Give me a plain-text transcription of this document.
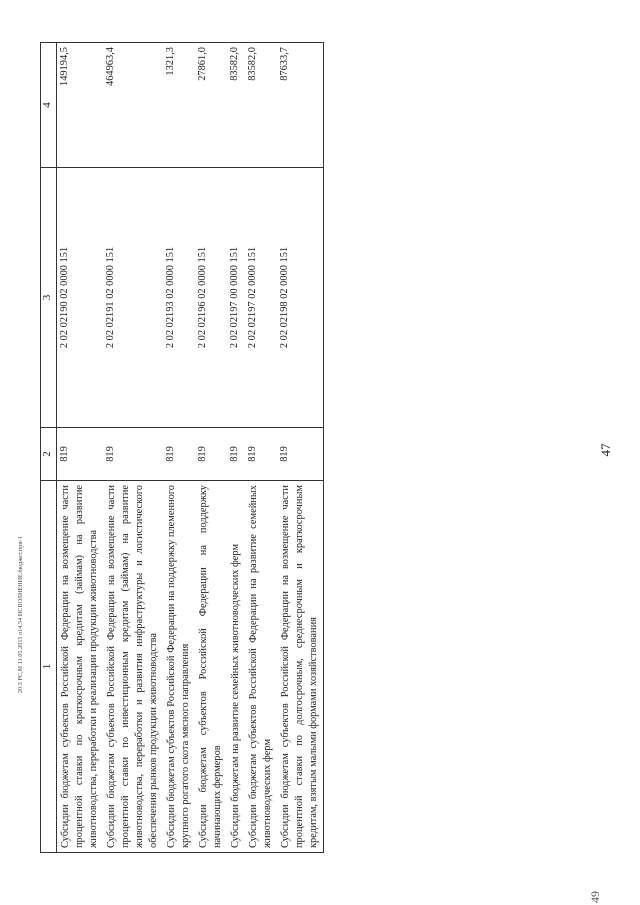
20.3 РС,М 11.05.2015 о14.54 ИСПОЛНЕНИЕ.бюджет.при-1 1	2	3	4
Субсидии бюджетам субъектов Российской Федерации на возмещение части процентной ставки по краткосрочным кредитам (займам) на развитие животноводства, переработки и реализации продукции животноводства	819	2 02 02190 02 0000 151	149194,5
Субсидии бюджетам субъектов Российской Федерации на возмещение части процентной ставки по инвестиционным кредитам (займам) на развитие животноводства, переработки и развития инфраструктуры и логистического обеспечения рынков продукции животноводства	819	2 02 02191 02 0000 151	464963,4
Субсидии бюджетам субъектов Российской Федерации на поддержку племенного крупного рогатого скота мясного направления	819	2 02 02193 02 0000 151	1321,3
Субсидии бюджетам субъектов Российской Федерации на поддержку начинающих фермеров	819	2 02 02196 02 0000 151	27861,0
Субсидии бюджетам на развитие семейных животноводческих ферм	819	2 02 02197 00 0000 151	83582,0
Субсидии бюджетам субъектов Российской Федерации на развитие семейных животноводческих ферм	819	2 02 02197 02 0000 151	83582,0
Субсидии бюджетам субъектов Российской Федерации на возмещение части процентной ставки по долгосрочным, среднесрочным и краткосрочным кредитам, взятым малыми формами хозяйствования	819	2 02 02198 02 0000 151	87633,7
47
49
